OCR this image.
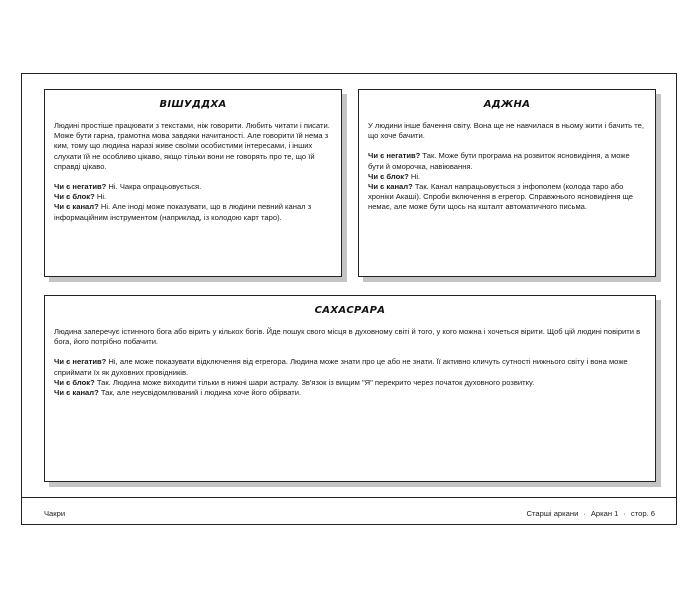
ВІШУДДХА

Людині простіше працювати з текстами, ніж говорити. Любить читати і писати. Може бути гарна, грамотна мова завдяки начитаності. Але говорити їй нема з ким, тому що людина наразі живе своїми особистими інтересами, і інших слухати їй не особливо цікаво, якщо тільки вони не говорять про те, що їй справді цікаво.

Чи є негатив? Ні. Чакра опрацьовується.

Чи є блок? Ні.

Чи є канал? Ні. Але іноді може показувати, що в людини певний канал з інформаційним інструментом (наприклад, із колодою карт таро).

АДЖНА

У людини інше бачення світу. Вона ще не навчилася в ньому жити і бачить те, що хоче бачити.

Чи є негатив? Так. Може бути програма на розвиток ясновидіння, а може бути й оморочка, навіювання.

Чи є блок? Ні.

Чи є канал? Так. Канал напрацьовується з інфополем (колода таро або хроніки Акаші). Спроби включення в егрегор. Справжнього ясновидіння ще немає, але може бути щось на кшталт автоматичного письма.

САХАСРАРА

Людина заперечує істинного бога або вірить у кількох богів. Йде пошук свого місця в духовному світі й того, у кого можна і хочеться вірити. Щоб цій людині повірити в бога, його потрібно побачити.

Чи є негатив? Ні, але може показувати відключення від егрегора. Людина може знати про це або не знати. Її активно кличуть сутності нижнього світу і вона може сприймати їх як духовних провідників.

Чи є блок? Так. Людина може виходити тільки в нижні шари астралу. Зв'язок із вищим "Я" перекрито через початок духовного розвитку.

Чи є канал? Так, але неусвідомлюваний і людина хоче його обірвати.

Чакри	Старші аркани · Аркан 1 · стор. 6
